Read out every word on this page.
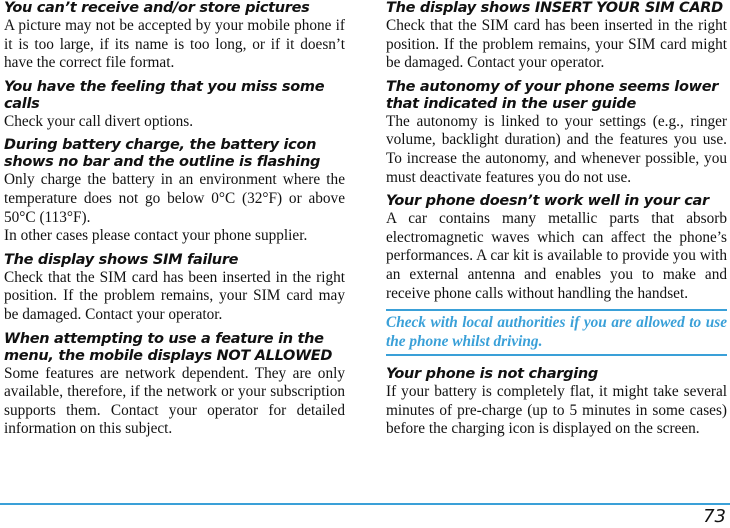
You can’t receive and/or store pictures

A picture may not be accepted by your mobile phone if it is too large, if its name is too long, or if it doesn’t have the correct file format.

You have the feeling that you miss some calls

Check your call divert options.

During battery charge, the battery icon shows no bar and the outline is flashing

Only charge the battery in an environment where the temperature does not go below 0°C (32°F) or above 50°C (113°F).

In other cases please contact your phone supplier.

The display shows SIM failure

Check that the SIM card has been inserted in the right position. If the problem remains, your SIM card may be damaged. Contact your operator.

When attempting to use a feature in the menu, the mobile displays NOT ALLOWED

Some features are network dependent. They are only available, therefore, if the network or your subscription supports them. Contact your operator for detailed information on this subject.

The display shows INSERT YOUR SIM CARD

Check that the SIM card has been inserted in the right position. If the problem remains, your SIM card might be damaged. Contact your operator.

The autonomy of your phone seems lower that indicated in the user guide

The autonomy is linked to your settings (e.g., ringer volume, backlight duration) and the features you use. To increase the autonomy, and whenever possible, you must deactivate features you do not use.

Your phone doesn’t work well in your car

A car contains many metallic parts that absorb electromagnetic waves which can affect the phone’s performances. A car kit is available to provide you with an external antenna and enables you to make and receive phone calls without handling the handset.

Check with local authorities if you are allowed to use the phone whilst driving.

Your phone is not charging

If your battery is completely flat, it might take several minutes of pre-charge (up to 5 minutes in some cases) before the charging icon is displayed on the screen.

73
